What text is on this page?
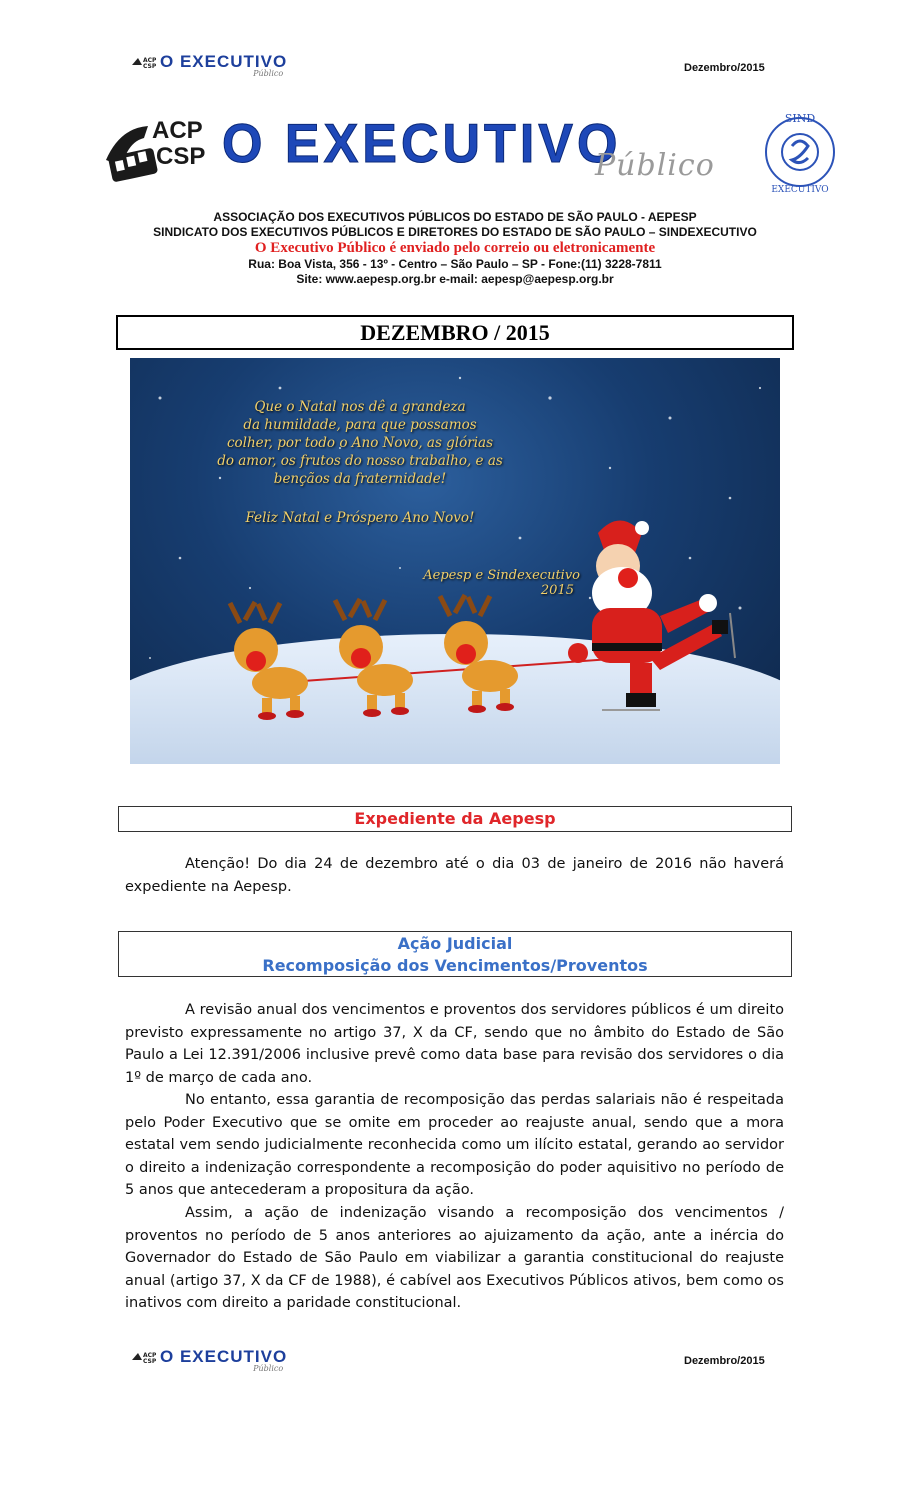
ACP
CSP O EXECUTIVO
Público	Dezembro/2015
ACP
CSP O EXECUTIVO
Público
SIND
EXECUTIVO
ASSOCIAÇÃO DOS EXECUTIVOS PÚBLICOS DO ESTADO DE SÃO PAULO - AEPESP
SINDICATO DOS EXECUTIVOS PÚBLICOS E DIRETORES DO ESTADO DE SÃO PAULO – SINDEXECUTIVO
O Executivo Público é enviado pelo correio ou eletronicamente
Rua: Boa Vista, 356 - 13º - Centro – São Paulo – SP - Fone:(11) 3228-7811
Site: www.aepesp.org.br e-mail: aepesp@aepesp.org.br
DEZEMBRO / 2015
Que o Natal nos dê a grandeza
da humildade, para que possamos
colher, por todo o Ano Novo, as glórias
do amor, os frutos do nosso trabalho, e as
bençãos da fraternidade!
Feliz Natal e Próspero Ano Novo!
Aepesp e Sindexecutivo
2015
Expediente da Aepesp
Atenção! Do dia 24 de dezembro até o dia 03 de janeiro de 2016 não haverá expediente na Aepesp.
Ação Judicial
Recomposição dos Vencimentos/Proventos
A revisão anual dos vencimentos e proventos dos servidores públicos é um direito previsto expressamente no artigo 37, X da CF, sendo que no âmbito do Estado de São Paulo a Lei 12.391/2006 inclusive prevê como data base para revisão dos servidores o dia 1º de março de cada ano.
No entanto, essa garantia de recomposição das perdas salariais não é respeitada pelo Poder Executivo que se omite em proceder ao reajuste anual, sendo que a mora estatal vem sendo judicialmente reconhecida como um ilícito estatal, gerando ao servidor o direito a indenização correspondente a recomposição do poder aquisitivo no período de 5 anos que antecederam a propositura da ação.
Assim, a ação de indenização visando a recomposição dos vencimentos / proventos no período de 5 anos anteriores ao ajuizamento da ação, ante a inércia do Governador do Estado de São Paulo em viabilizar a garantia constitucional do reajuste anual (artigo 37, X da CF de 1988), é cabível aos Executivos Públicos ativos, bem como os inativos com direito a paridade constitucional.
ACP
CSP O EXECUTIVO
Público
Dezembro/2015
